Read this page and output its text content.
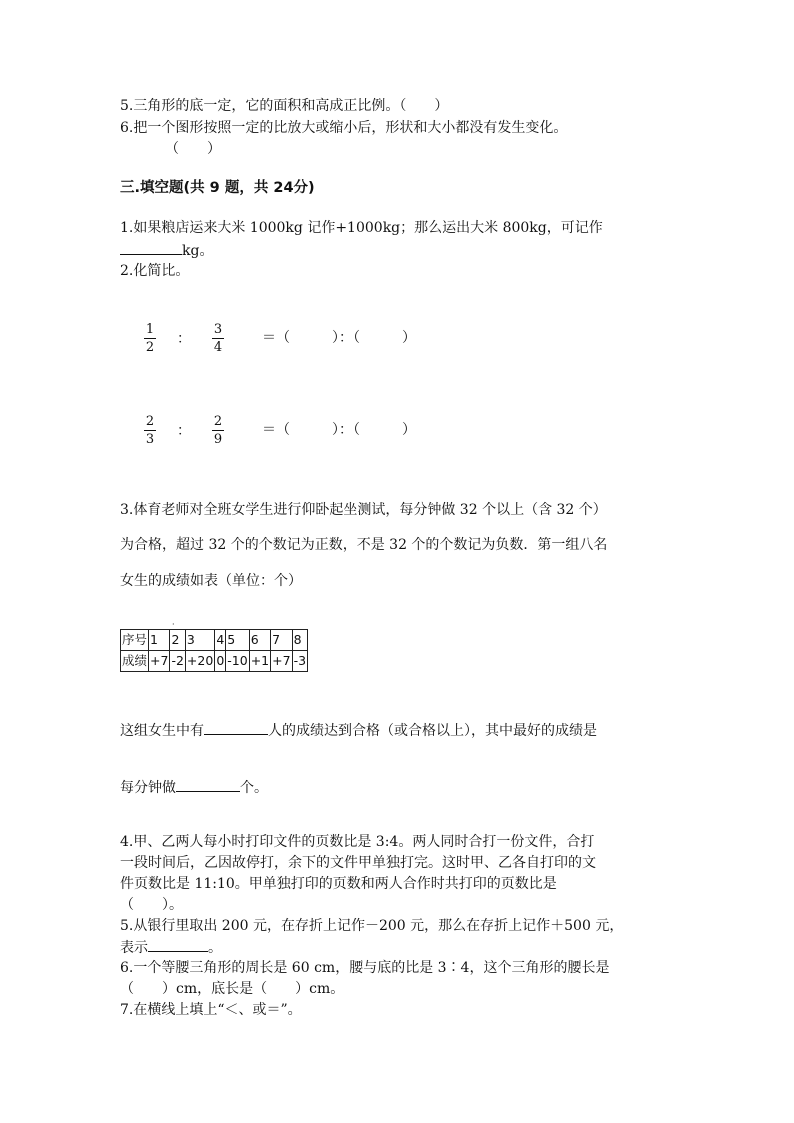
5.三角形的底一定，它的面积和高成正比例。（　　）
6.把一个图形按照一定的比放大或缩小后，形状和大小都没有发生变化。
（　　）
三.填空题(共 9 题，共 24分)
1.如果粮店运来大米 1000kg 记作+1000kg；那么运出大米 800kg，可记作
kg。
2.化简比。
1
2
：
3
4
＝（　　　）：（　　　）
2
3
：
2
9
＝（　　　）：（　　　）
3.体育老师对全班女学生进行仰卧起坐测试，每分钟做 32 个以上（含 32 个）
为合格，超过 32 个的个数记为正数，不是 32 个的个数记为负数．第一组八名
女生的成绩如表（单位：个）
·
序号	1	2	3	4	5	6	7	8
成绩	+7	-2	+20	0	-10	+1	+7	-3
这组女生中有	人的成绩达到合格（或合格以上），其中最好的成绩是
每分钟做	个。
4.甲、乙两人每小时打印文件的页数比是 3:4。两人同时合打一份文件，合打
一段时间后，乙因故停打，余下的文件甲单独打完。这时甲、乙各自打印的文
件页数比是 11:10。甲单独打印的页数和两人合作时共打印的页数比是
（　　）。
5.从银行里取出 200 元，在存折上记作－200 元，那么在存折上记作＋500 元，
表示	。
6.一个等腰三角形的周长是 60 cm，腰与底的比是 3∶4，这个三角形的腰长是
（　　）cm，底长是（　　）cm。
7.在横线上填上“＜、或＝”。
